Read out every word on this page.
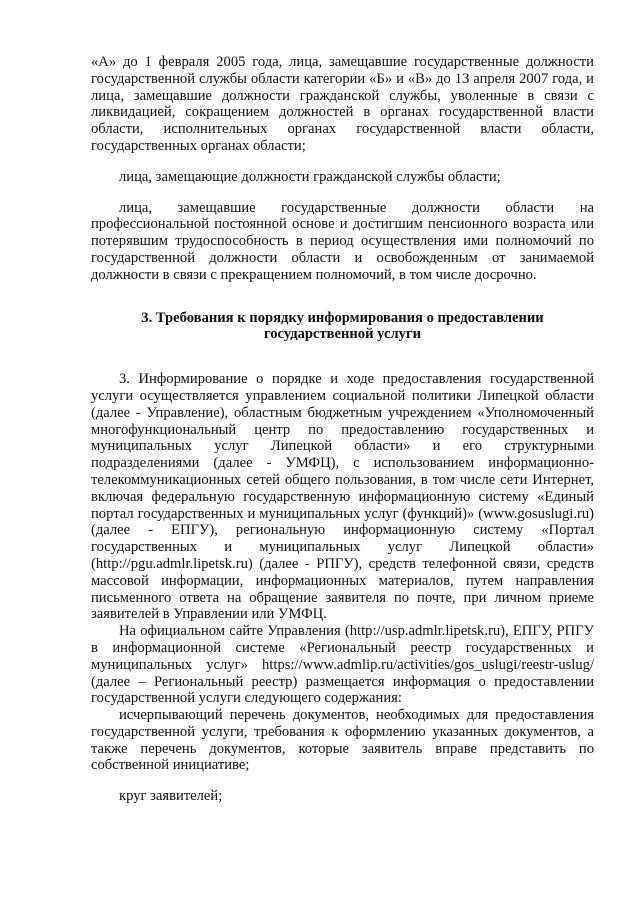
«А» до 1 февраля 2005 года, лица, замещавшие государственные должности государственной службы области категории «Б» и «В» до 13 апреля 2007 года, и лица, замещавшие должности гражданской службы, уволенные в связи с ликвидацией, сокращением должностей в органах государственной власти области, исполнительных органах государственной власти области, государственных органах области;

лица, замещающие должности гражданской службы области;

лица, замещавшие государственные должности области на профессиональной постоянной основе и достигшим пенсионного возраста или потерявшим трудоспособность в период осуществления ими полномочий по государственной должности области и освобожденным от занимаемой должности в связи с прекращением полномочий, в том числе досрочно.

3. Требования к порядку информирования о предоставлении государственной услуги

3. Информирование о порядке и ходе предоставления государственной услуги осуществляется управлением социальной политики Липецкой области (далее - Управление), областным бюджетным учреждением «Уполномоченный многофункциональный центр по предоставлению государственных и муниципальных услуг Липецкой области» и его структурными подразделениями (далее - УМФЦ), с использованием информационно-телекоммуникационных сетей общего пользования, в том числе сети Интернет, включая федеральную государственную информационную систему «Единый портал государственных и муниципальных услуг (функций)» (www.gosuslugi.ru) (далее - ЕПГУ), региональную информационную систему «Портал государственных и муниципальных услуг Липецкой области» (http://pgu.admlr.lipetsk.ru) (далее - РПГУ), средств телефонной связи, средств массовой информации, информационных материалов, путем направления письменного ответа на обращение заявителя по почте, при личном приеме заявителей в Управлении или УМФЦ.

На официальном сайте Управления (http://usp.admlr.lipetsk.ru), ЕПГУ, РПГУ в информационной системе «Региональный реестр государственных и муниципальных услуг» https://www.admlip.ru/activities/gos_uslugi/reestr-uslug/ (далее – Региональный реестр) размещается информация о предоставлении государственной услуги следующего содержания:

исчерпывающий перечень документов, необходимых для предоставления государственной услуги, требования к оформлению указанных документов, а также перечень документов, которые заявитель вправе представить по собственной инициативе;

круг заявителей;
